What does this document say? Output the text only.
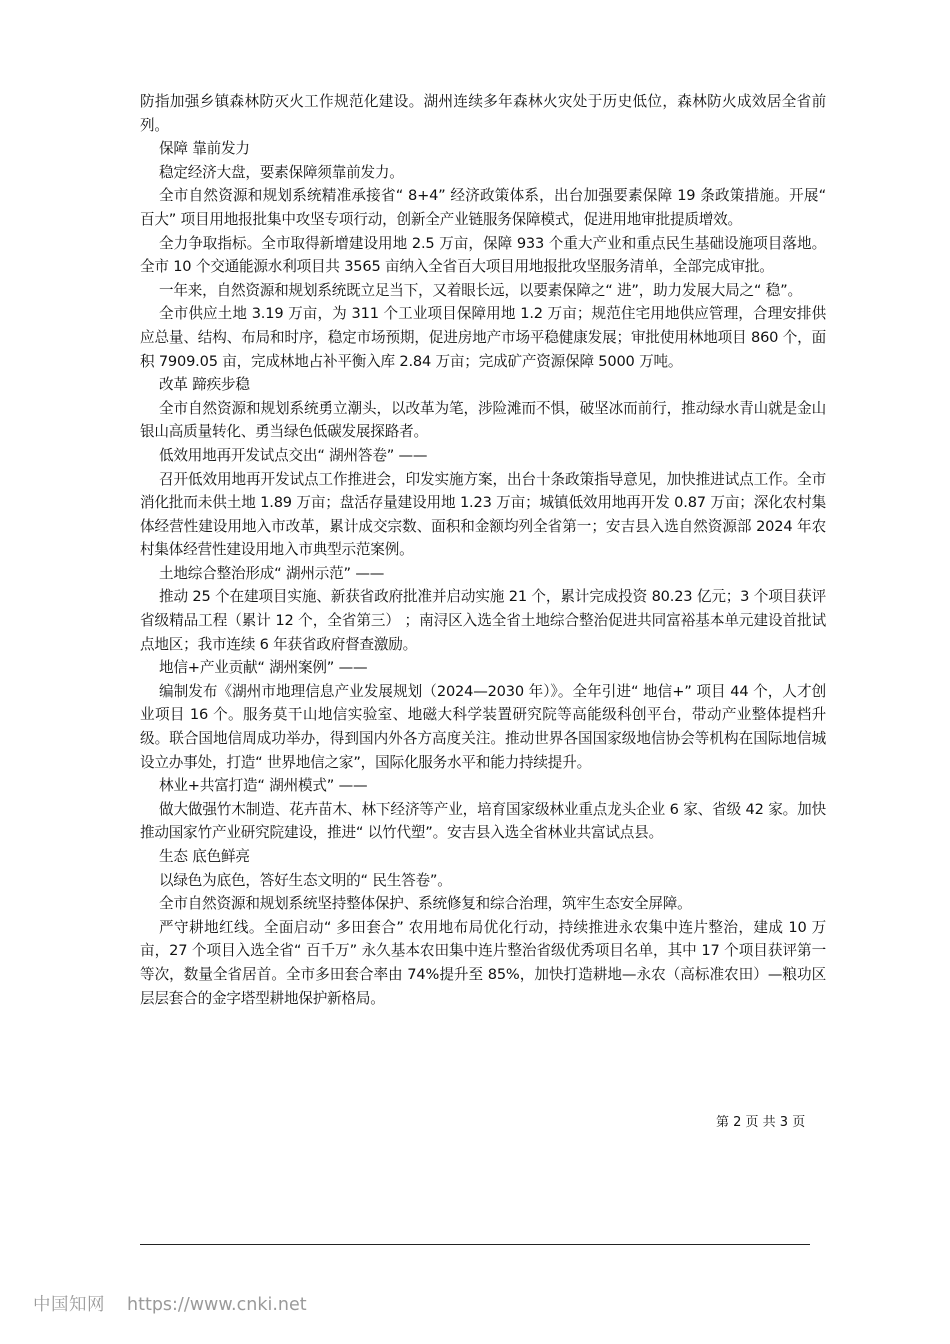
防指加强乡镇森林防灭火工作规范化建设。湖州连续多年森林火灾处于历史低位，森林防火成效居全省前列。

保障 靠前发力

稳定经济大盘，要素保障须靠前发力。

全市自然资源和规划系统精准承接省“ 8+4” 经济政策体系，出台加强要素保障 19 条政策措施。开展“ 百大” 项目用地报批集中攻坚专项行动，创新全产业链服务保障模式，促进用地审批提质增效。

全力争取指标。全市取得新增建设用地 2.5 万亩，保障 933 个重大产业和重点民生基础设施项目落地。全市 10 个交通能源水利项目共 3565 亩纳入全省百大项目用地报批攻坚服务清单，全部完成审批。

一年来，自然资源和规划系统既立足当下，又着眼长远，以要素保障之“ 进”，助力发展大局之“ 稳”。

全市供应土地 3.19 万亩，为 311 个工业项目保障用地 1.2 万亩；规范住宅用地供应管理，合理安排供应总量、结构、布局和时序，稳定市场预期，促进房地产市场平稳健康发展；审批使用林地项目 860 个，面积 7909.05 亩，完成林地占补平衡入库 2.84 万亩；完成矿产资源保障 5000 万吨。

改革 蹄疾步稳

全市自然资源和规划系统勇立潮头，以改革为笔，涉险滩而不惧，破坚冰而前行，推动绿水青山就是金山银山高质量转化、勇当绿色低碳发展探路者。

低效用地再开发试点交出“ 湖州答卷” ——

召开低效用地再开发试点工作推进会，印发实施方案，出台十条政策指导意见，加快推进试点工作。全市消化批而未供土地 1.89 万亩；盘活存量建设用地 1.23 万亩；城镇低效用地再开发 0.87 万亩；深化农村集体经营性建设用地入市改革，累计成交宗数、面积和金额均列全省第一；安吉县入选自然资源部 2024 年农村集体经营性建设用地入市典型示范案例。

土地综合整治形成“ 湖州示范” ——

推动 25 个在建项目实施、新获省政府批准并启动实施 21 个，累计完成投资 80.23 亿元；3 个项目获评省级精品工程（累计 12 个，全省第三） ；南浔区入选全省土地综合整治促进共同富裕基本单元建设首批试点地区；我市连续 6 年获省政府督查激励。

地信+产业贡献“ 湖州案例” ——

编制发布《湖州市地理信息产业发展规划（2024—2030 年）》。全年引进“ 地信+” 项目 44 个，人才创业项目 16 个。服务莫干山地信实验室、地磁大科学装置研究院等高能级科创平台，带动产业整体提档升级。联合国地信周成功举办，得到国内外各方高度关注。推动世界各国国家级地信协会等机构在国际地信城设立办事处，打造“ 世界地信之家”，国际化服务水平和能力持续提升。

林业+共富打造“ 湖州模式” ——

做大做强竹木制造、花卉苗木、林下经济等产业，培育国家级林业重点龙头企业 6 家、省级 42 家。加快推动国家竹产业研究院建设，推进“ 以竹代塑”。安吉县入选全省林业共富试点县。

生态 底色鲜亮

以绿色为底色，答好生态文明的“ 民生答卷”。

全市自然资源和规划系统坚持整体保护、系统修复和综合治理，筑牢生态安全屏障。

严守耕地红线。全面启动“ 多田套合” 农用地布局优化行动，持续推进永农集中连片整治，建成 10 万亩，27 个项目入选全省“ 百千万” 永久基本农田集中连片整治省级优秀项目名单，其中 17 个项目获评第一等次，数量全省居首。全市多田套合率由 74%提升至 85%，加快打造耕地—永农（高标准农田）—粮功区层层套合的金字塔型耕地保护新格局。

第 2 页 共 3 页
中国知网 https://www.cnki.net
